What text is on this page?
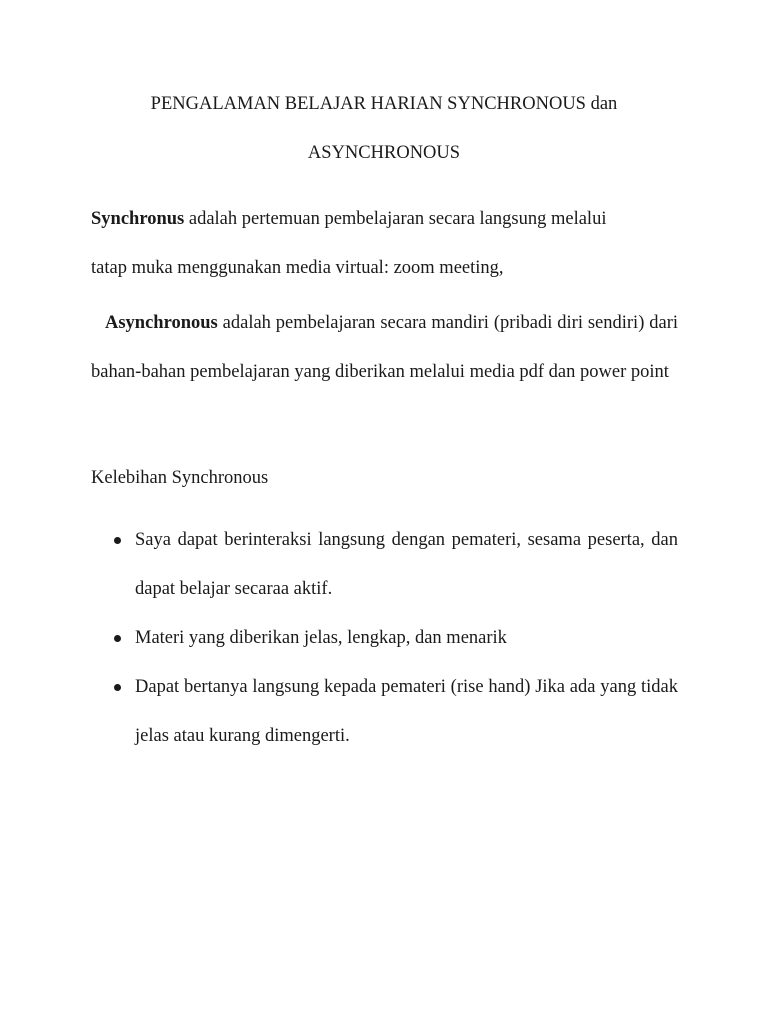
PENGALAMAN BELAJAR HARIAN SYNCHRONOUS dan
ASYNCHRONOUS

Synchronus adalah pertemuan pembelajaran secara langsung melalui
tatap muka menggunakan media virtual: zoom meeting,

Asynchronous adalah pembelajaran secara mandiri (pribadi diri sendiri) dari bahan-bahan pembelajaran yang diberikan melalui media pdf dan power point

Kelebihan Synchronous
Saya dapat berinteraksi langsung dengan pemateri, sesama peserta, dan dapat belajar secaraa aktif.
Materi yang diberikan jelas, lengkap, dan menarik
Dapat bertanya langsung kepada pemateri (rise hand) Jika ada yang tidak jelas atau kurang dimengerti.
